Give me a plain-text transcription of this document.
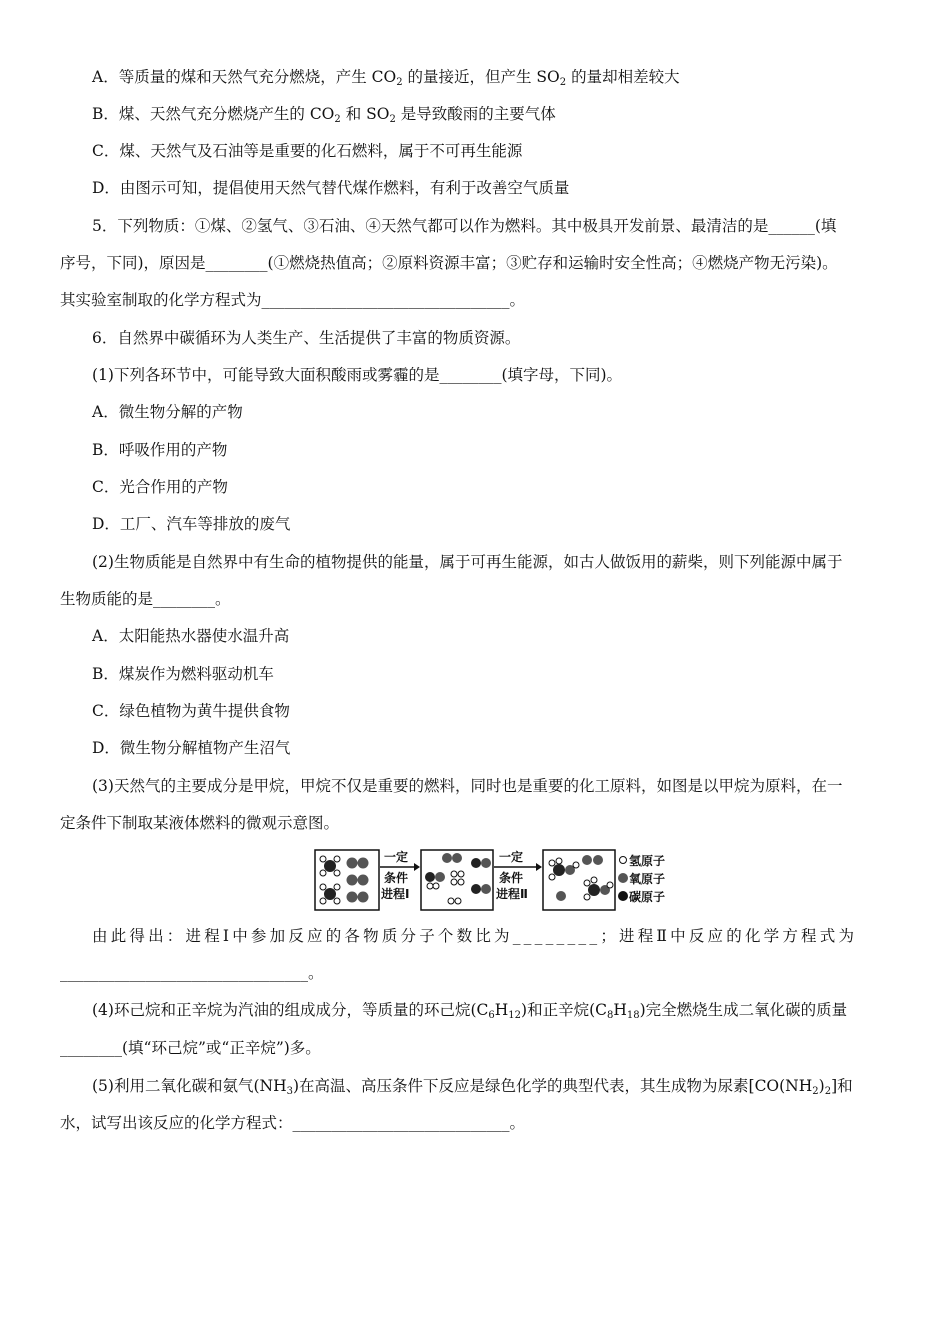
A．等质量的煤和天然气充分燃烧，产生 $CO_2$ 的量接近，但产生 $SO_2$ 的量却相差较大
B．煤、天然气充分燃烧产生的 $CO_2$ 和 $SO_2$ 是导致酸雨的主要气体
C．煤、天然气及石油等是重要的化石燃料，属于不可再生能源
D．由图示可知，提倡使用天然气替代煤作燃料，有利于改善空气质量
5．下列物质：①煤、②氢气、③石油、④天然气都可以作为燃料。其中极具开发前景、最清洁的是______(填
序号，下同)，原因是________(①燃烧热值高；②原料资源丰富；③贮存和运输时安全性高；④燃烧产物无污染)。
其实验室制取的化学方程式为________________________________。
6．自然界中碳循环为人类生产、生活提供了丰富的物质资源。
(1)下列各环节中，可能导致大面积酸雨或雾霾的是________(填字母，下同)。
A．微生物分解的产物
B．呼吸作用的产物
C．光合作用的产物
D．工厂、汽车等排放的废气
(2)生物质能是自然界中有生命的植物提供的能量，属于可再生能源，如古人做饭用的薪柴，则下列能源中属于
生物质能的是________。
A．太阳能热水器使水温升高
B．煤炭作为燃料驱动机车
C．绿色植物为黄牛提供食物
D．微生物分解植物产生沼气
(3)天然气的主要成分是甲烷，甲烷不仅是重要的燃料，同时也是重要的化工原料，如图是以甲烷为原料，在一
定条件下制取某液体燃料的微观示意图。
一定
条件
进程Ⅰ
一定
条件
进程Ⅱ
氢原子
氧原子
碳原子
由此得出：进程Ⅰ中参加反应的各物质分子个数比为________；进程Ⅱ中反应的化学方程式为
________________________________。
(4)环己烷和正辛烷为汽油的组成成分，等质量的环己烷$(C_6H_{12})$和正辛烷$(C_8H_{18})$完全燃烧生成二氧化碳的质量
________(填“环己烷”或“正辛烷”)多。
(5)利用二氧化碳和氨气$(NH_3)$在高温、高压条件下反应是绿色化学的典型代表，其生成物为尿素$[CO(NH_2)_2]$和
水，试写出该反应的化学方程式：____________________________。
